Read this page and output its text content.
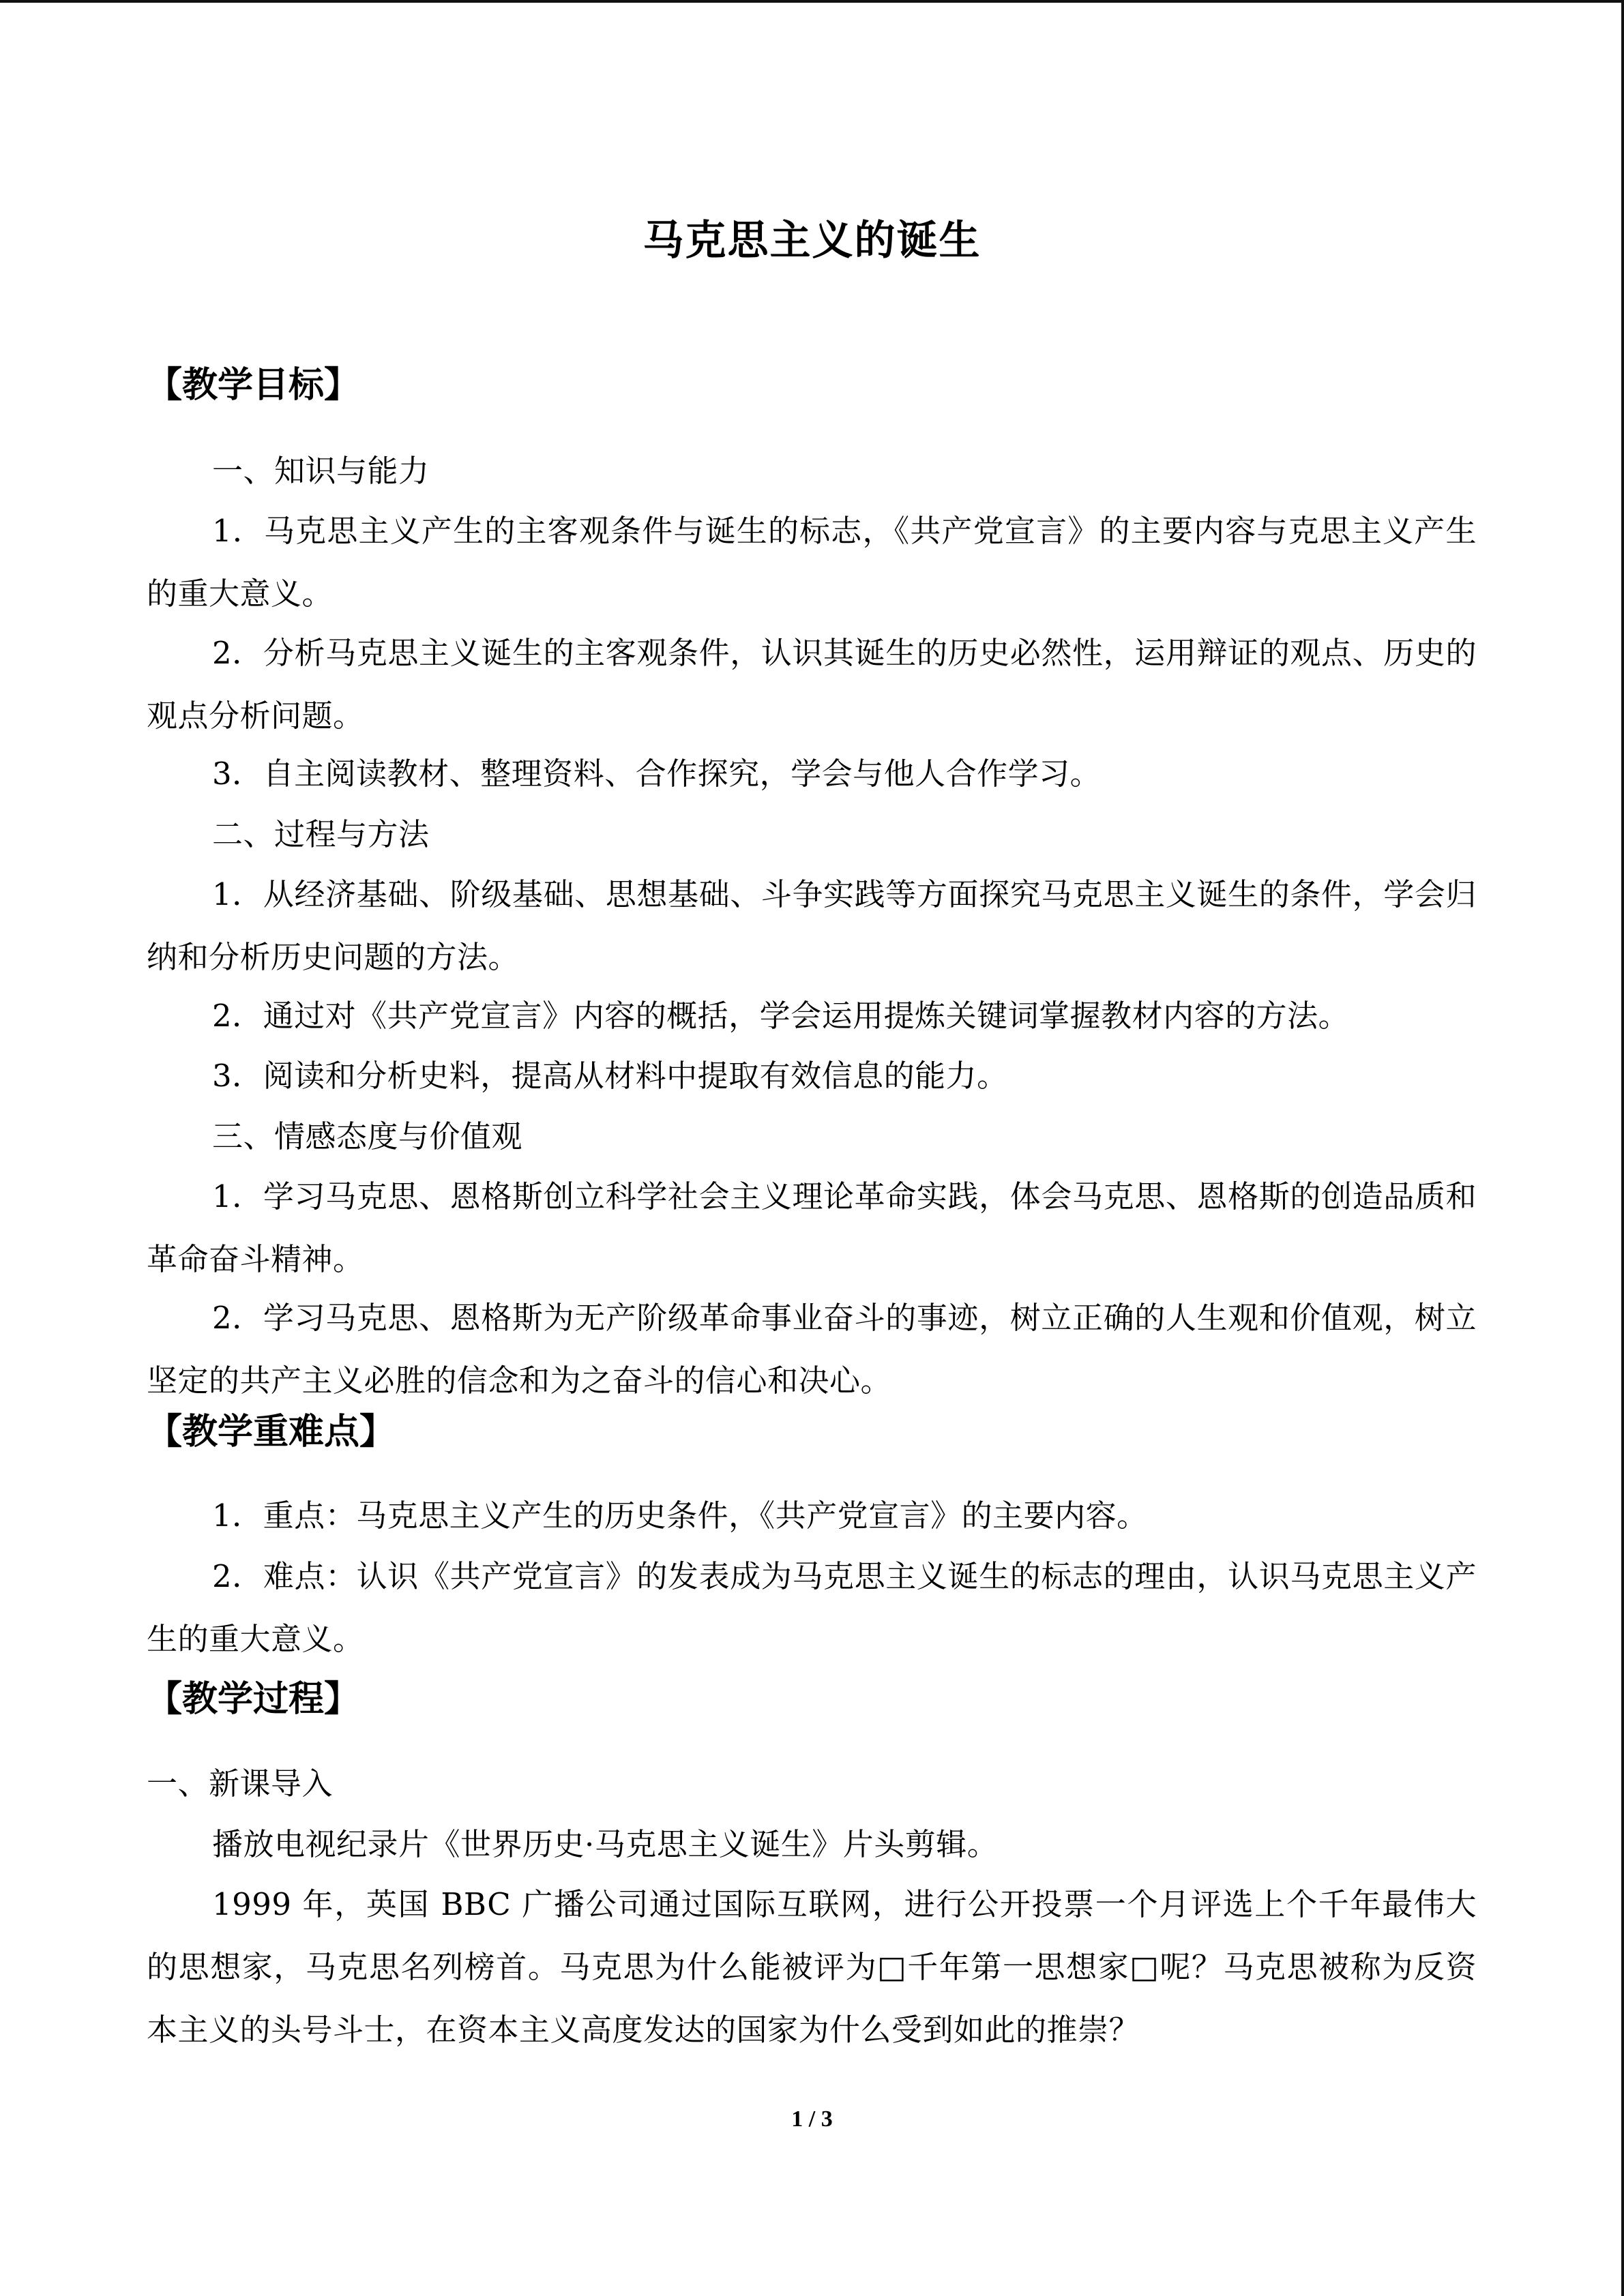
马克思主义的诞生
【教学目标】
一、知识与能力
1．马克思主义产生的主客观条件与诞生的标志，《共产党宣言》的主要内容与克思主义产生的重大意义。
2．分析马克思主义诞生的主客观条件，认识其诞生的历史必然性，运用辩证的观点、历史的观点分析问题。
3．自主阅读教材、整理资料、合作探究，学会与他人合作学习。
二、过程与方法
1．从经济基础、阶级基础、思想基础、斗争实践等方面探究马克思主义诞生的条件，学会归纳和分析历史问题的方法。
2．通过对《共产党宣言》内容的概括，学会运用提炼关键词掌握教材内容的方法。
3．阅读和分析史料，提高从材料中提取有效信息的能力。
三、情感态度与价值观
1．学习马克思、恩格斯创立科学社会主义理论革命实践，体会马克思、恩格斯的创造品质和革命奋斗精神。
2．学习马克思、恩格斯为无产阶级革命事业奋斗的事迹，树立正确的人生观和价值观，树立坚定的共产主义必胜的信念和为之奋斗的信心和决心。
【教学重难点】
1．重点：马克思主义产生的历史条件，《共产党宣言》的主要内容。
2．难点：认识《共产党宣言》的发表成为马克思主义诞生的标志的理由，认识马克思主义产生的重大意义。
【教学过程】
一、新课导入
播放电视纪录片《世界历史·马克思主义诞生》片头剪辑。
1999 年，英国 BBC 广播公司通过国际互联网，进行公开投票一个月评选上个千年最伟大的思想家，马克思名列榜首。马克思为什么能被评为□千年第一思想家□呢？马克思被称为反资本主义的头号斗士，在资本主义高度发达的国家为什么受到如此的推崇？
1 / 3
